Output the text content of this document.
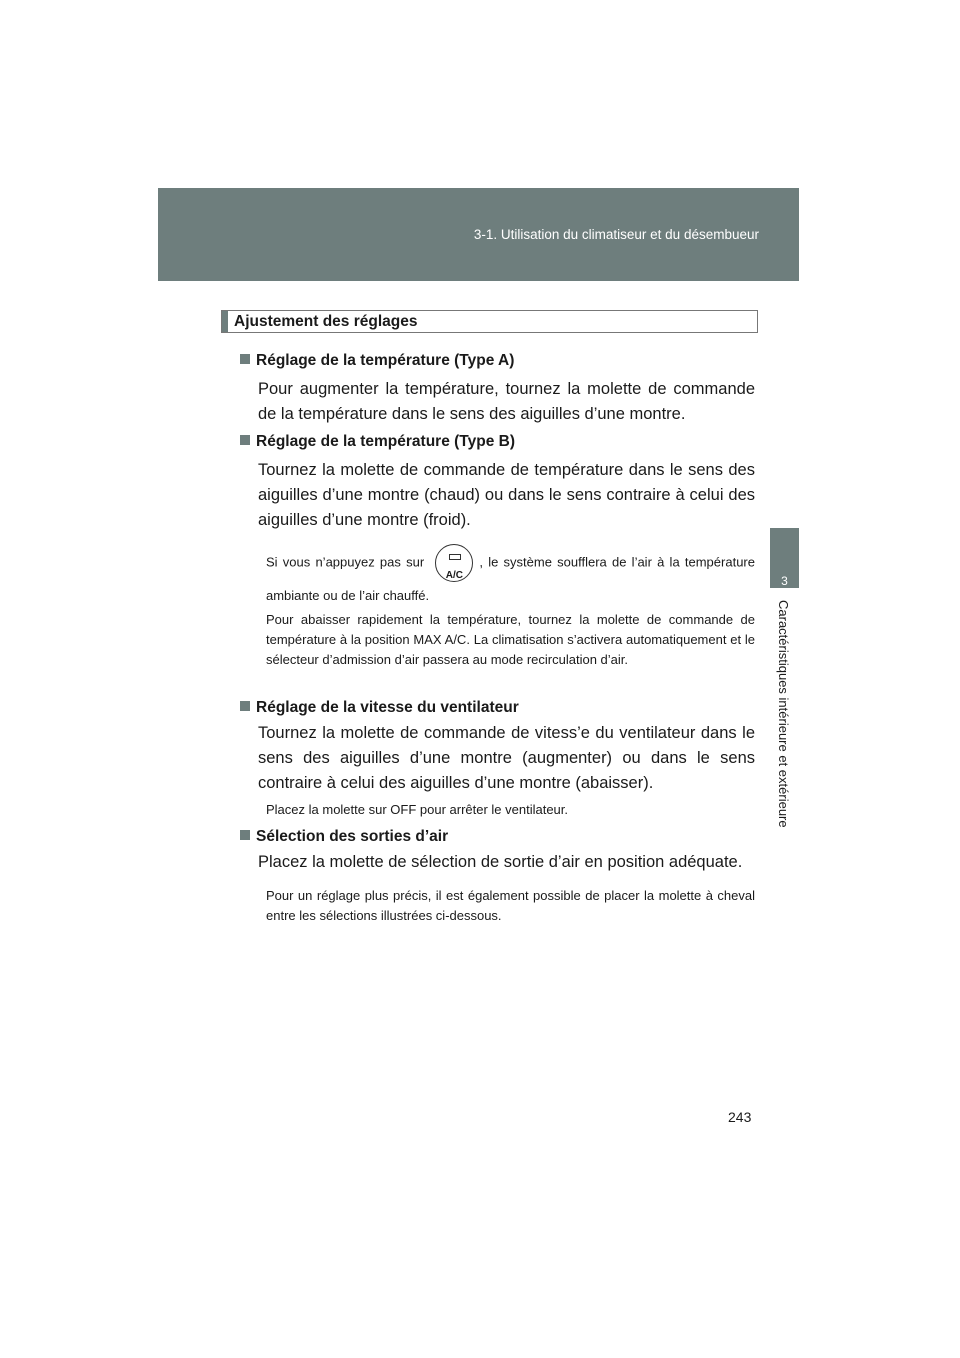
3-1. Utilisation du climatiseur et du désembueur
3
Caractéristiques intérieure et extérieure
Ajustement des réglages
Réglage de la température (Type A)
Pour augmenter la température, tournez la molette de commande de la température dans le sens des aiguilles d’une montre.
Réglage de la température (Type B)
Tournez la molette de commande de température dans le sens des aiguilles d’une montre (chaud) ou dans le sens contraire à celui des aiguilles d’une montre (froid).
Si vous n’appuyez pas sur
A/C
, le système soufflera de l’air à la température ambiante ou de l’air chauffé.
Pour abaisser rapidement la température, tournez la molette de commande de température à la position MAX A/C. La climatisation s’activera automatiquement et le sélecteur d’admission d’air passera au mode recirculation d’air.
Réglage de la vitesse du ventilateur
Tournez la molette de commande de vitess’e du ventilateur dans le sens des aiguilles d’une montre (augmenter) ou dans le sens contraire à celui des aiguilles d’une montre (abaisser).
Placez la molette sur OFF pour arrêter le ventilateur.
Sélection des sorties d’air
Placez la molette de sélection de sortie d’air en position adéquate.
Pour un réglage plus précis, il est également possible de placer la molette à cheval entre les sélections illustrées ci-dessous.
243
